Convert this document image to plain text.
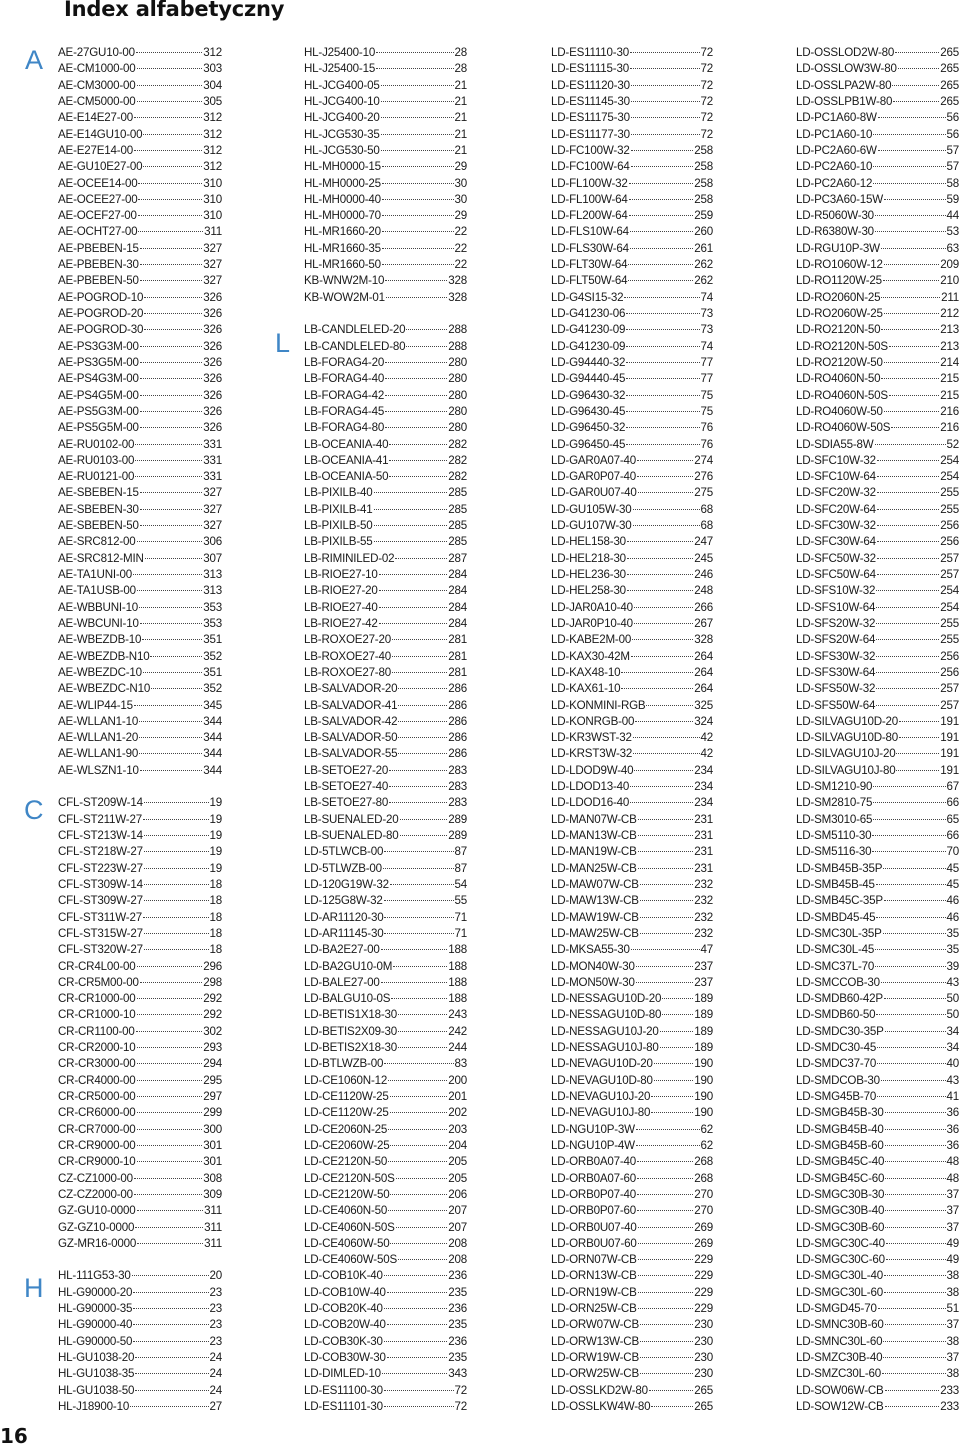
Index alfabetyczny
A
C
H
L
AE-27GU10-00	312
AE-CM1000-00	303
AE-CM3000-00	304
AE-CM5000-00	305
AE-E14E27-00	312
AE-E14GU10-00	312
AE-E27E14-00	312
AE-GU10E27-00	312
AE-OCEE14-00	310
AE-OCEE27-00	310
AE-OCEF27-00	310
AE-OCHT27-00	311
AE-PBEBEN-15	327
AE-PBEBEN-30	327
AE-PBEBEN-50	327
AE-POGROD-10	326
AE-POGROD-20	326
AE-POGROD-30	326
AE-PS3G3M-00	326
AE-PS3G5M-00	326
AE-PS4G3M-00	326
AE-PS4G5M-00	326
AE-PS5G3M-00	326
AE-PS5G5M-00	326
AE-RU0102-00	331
AE-RU0103-00	331
AE-RU0121-00	331
AE-SBEBEN-15	327
AE-SBEBEN-30	327
AE-SBEBEN-50	327
AE-SRC812-00	306
AE-SRC812-MIN	307
AE-TA1UNI-00	313
AE-TA1USB-00	313
AE-WBBUNI-10	353
AE-WBCUNI-10	353
AE-WBEZDB-10	351
AE-WBEZDB-N10	352
AE-WBEZDC-10	351
AE-WBEZDC-N10	352
AE-WLIP44-15	345
AE-WLLAN1-10	344
AE-WLLAN1-20	344
AE-WLLAN1-90	344
AE-WLSZN1-10	344
CFL-ST209W-14	19
CFL-ST211W-27	19
CFL-ST213W-14	19
CFL-ST218W-27	19
CFL-ST223W-27	19
CFL-ST309W-14	18
CFL-ST309W-27	18
CFL-ST311W-27	18
CFL-ST315W-27	18
CFL-ST320W-27	18
CR-CR4L00-00	296
CR-CR5M00-00	298
CR-CR1000-00	292
CR-CR1000-10	292
CR-CR1100-00	302
CR-CR2000-10	293
CR-CR3000-00	294
CR-CR4000-00	295
CR-CR5000-00	297
CR-CR6000-00	299
CR-CR7000-00	300
CR-CR9000-00	301
CR-CR9000-10	301
CZ-CZ1000-00	308
CZ-CZ2000-00	309
GZ-GU10-0000	311
GZ-GZ10-0000	311
GZ-MR16-0000	311
HL-111G53-30	20
HL-G90000-20	23
HL-G90000-35	23
HL-G90000-40	23
HL-G90000-50	23
HL-GU1038-20	24
HL-GU1038-35	24
HL-GU1038-50	24
HL-J18900-10	27
HL-J25400-10	28
HL-J25400-15	28
HL-JCG400-05	21
HL-JCG400-10	21
HL-JCG400-20	21
HL-JCG530-35	21
HL-JCG530-50	21
HL-MH0000-15	29
HL-MH0000-25	30
HL-MH0000-40	30
HL-MH0000-70	29
HL-MR1660-20	22
HL-MR1660-35	22
HL-MR1660-50	22
KB-WNW2M-10	328
KB-WOW2M-01	328
LB-CANDLELED-20	288
LB-CANDLELED-80	288
LB-FORAG4-20	280
LB-FORAG4-40	280
LB-FORAG4-42	280
LB-FORAG4-45	280
LB-FORAG4-80	280
LB-OCEANIA-40	282
LB-OCEANIA-41	282
LB-OCEANIA-50	282
LB-PIXILB-40	285
LB-PIXILB-41	285
LB-PIXILB-50	285
LB-PIXILB-55	285
LB-RIMINILED-02	287
LB-RIOE27-10	284
LB-RIOE27-20	284
LB-RIOE27-40	284
LB-RIOE27-42	284
LB-ROXOE27-20	281
LB-ROXOE27-40	281
LB-ROXOE27-80	281
LB-SALVADOR-20	286
LB-SALVADOR-41	286
LB-SALVADOR-42	286
LB-SALVADOR-50	286
LB-SALVADOR-55	286
LB-SETOE27-20	283
LB-SETOE27-40	283
LB-SETOE27-80	283
LB-SUENALED-20	289
LB-SUENALED-80	289
LD-5TLWCB-00	87
LD-5TLWZB-00	87
LD-120G19W-32	54
LD-125G8W-32	55
LD-AR11120-30	71
LD-AR11145-30	71
LD-BA2E27-00	188
LD-BA2GU10-0M	188
LD-BALE27-00	188
LD-BALGU10-0S	188
LD-BETIS1X18-30	243
LD-BETIS2X09-30	242
LD-BETIS2X18-30	244
LD-BTLWZB-00	83
LD-CE1060N-12	200
LD-CE1120W-25	201
LD-CE1120W-25	202
LD-CE2060N-25	203
LD-CE2060W-25	204
LD-CE2120N-50	205
LD-CE2120N-50S	205
LD-CE2120W-50	206
LD-CE4060N-50	207
LD-CE4060N-50S	207
LD-CE4060W-50	208
LD-CE4060W-50S	208
LD-COB10K-40	236
LD-COB10W-40	235
LD-COB20K-40	236
LD-COB20W-40	235
LD-COB30K-30	236
LD-COB30W-30	235
LD-DIMLED-10	343
LD-ES11100-30	72
LD-ES11101-30	72
LD-ES11110-30	72
LD-ES11115-30	72
LD-ES11120-30	72
LD-ES11145-30	72
LD-ES11175-30	72
LD-ES11177-30	72
LD-FC100W-32	258
LD-FC100W-64	258
LD-FL100W-32	258
LD-FL100W-64	258
LD-FL200W-64	259
LD-FLS10W-64	260
LD-FLS30W-64	261
LD-FLT30W-64	262
LD-FLT50W-64	262
LD-G4SI15-32	74
LD-G41230-06	73
LD-G41230-09	73
LD-G41230-09	74
LD-G94440-32	77
LD-G94440-45	77
LD-G96430-32	75
LD-G96430-45	75
LD-G96450-32	76
LD-G96450-45	76
LD-GAR0A07-40	274
LD-GAR0P07-40	276
LD-GAR0U07-40	275
LD-GU105W-30	68
LD-GU107W-30	68
LD-HEL158-30	247
LD-HEL218-30	245
LD-HEL236-30	246
LD-HEL258-30	248
LD-JAR0A10-40	266
LD-JAR0P10-40	267
LD-KABE2M-00	328
LD-KAX30-42M	264
LD-KAX48-10	264
LD-KAX61-10	264
LD-KONMINI-RGB	325
LD-KONRGB-00	324
LD-KR3WST-32	42
LD-KRST3W-32	42
LD-LDOD9W-40	234
LD-LDOD13-40	234
LD-LDOD16-40	234
LD-MAN07W-CB	231
LD-MAN13W-CB	231
LD-MAN19W-CB	231
LD-MAN25W-CB	231
LD-MAW07W-CB	232
LD-MAW13W-CB	232
LD-MAW19W-CB	232
LD-MAW25W-CB	232
LD-MKSA55-30	47
LD-MON40W-30	237
LD-MON50W-30	237
LD-NESSAGU10D-20	189
LD-NESSAGU10D-80	189
LD-NESSAGU10J-20	189
LD-NESSAGU10J-80	189
LD-NEVAGU10D-20	190
LD-NEVAGU10D-80	190
LD-NEVAGU10J-20	190
LD-NEVAGU10J-80	190
LD-NGU10P-3W	62
LD-NGU10P-4W	62
LD-ORB0A07-40	268
LD-ORB0A07-60	268
LD-ORB0P07-40	270
LD-ORB0P07-60	270
LD-ORB0U07-40	269
LD-ORB0U07-60	269
LD-ORN07W-CB	229
LD-ORN13W-CB	229
LD-ORN19W-CB	229
LD-ORN25W-CB	229
LD-ORW07W-CB	230
LD-ORW13W-CB	230
LD-ORW19W-CB	230
LD-ORW25W-CB	230
LD-OSSLKD2W-80	265
LD-OSSLKW4W-80	265
LD-OSSLOD2W-80	265
LD-OSSLOW3W-80	265
LD-OSSLPA2W-80	265
LD-OSSLPB1W-80	265
LD-PC1A60-8W	56
LD-PC1A60-10	56
LD-PC2A60-6W	57
LD-PC2A60-10	57
LD-PC2A60-12	58
LD-PC3A60-15W	59
LD-R5060W-30	44
LD-R6380W-30	53
LD-RGU10P-3W	63
LD-RO1060W-12	209
LD-RO1120W-25	210
LD-RO2060N-25	211
LD-RO2060W-25	212
LD-RO2120N-50	213
LD-RO2120N-50S	213
LD-RO2120W-50	214
LD-RO4060N-50	215
LD-RO4060N-50S	215
LD-RO4060W-50	216
LD-RO4060W-50S	216
LD-SDIA55-8W	52
LD-SFC10W-32	254
LD-SFC10W-64	254
LD-SFC20W-32	255
LD-SFC20W-64	255
LD-SFC30W-32	256
LD-SFC30W-64	256
LD-SFC50W-32	257
LD-SFC50W-64	257
LD-SFS10W-32	254
LD-SFS10W-64	254
LD-SFS20W-32	255
LD-SFS20W-64	255
LD-SFS30W-32	256
LD-SFS30W-64	256
LD-SFS50W-32	257
LD-SFS50W-64	257
LD-SILVAGU10D-20	191
LD-SILVAGU10D-80	191
LD-SILVAGU10J-20	191
LD-SILVAGU10J-80	191
LD-SM1210-90	67
LD-SM2810-75	66
LD-SM3010-65	65
LD-SM5110-30	66
LD-SM5116-30	70
LD-SMB45B-35P	45
LD-SMB45B-45	45
LD-SMB45C-35P	46
LD-SMBD45-45	46
LD-SMC30L-35P	35
LD-SMC30L-45	35
LD-SMC37L-70	39
LD-SMCCOB-30	43
LD-SMDB60-42P	50
LD-SMDB60-50	50
LD-SMDC30-35P	34
LD-SMDC30-45	34
LD-SMDC37-70	40
LD-SMDCOB-30	43
LD-SMG45B-70	41
LD-SMGB45B-30	36
LD-SMGB45B-40	36
LD-SMGB45B-60	36
LD-SMGB45C-40	48
LD-SMGB45C-60	48
LD-SMGC30B-30	37
LD-SMGC30B-40	37
LD-SMGC30B-60	37
LD-SMGC30C-40	49
LD-SMGC30C-60	49
LD-SMGC30L-40	38
LD-SMGC30L-60	38
LD-SMGD45-70	51
LD-SMNC30B-60	37
LD-SMNC30L-60	38
LD-SMZC30B-40	37
LD-SMZC30L-60	38
LD-SOW06W-CB	233
LD-SOW12W-CB	233
16
